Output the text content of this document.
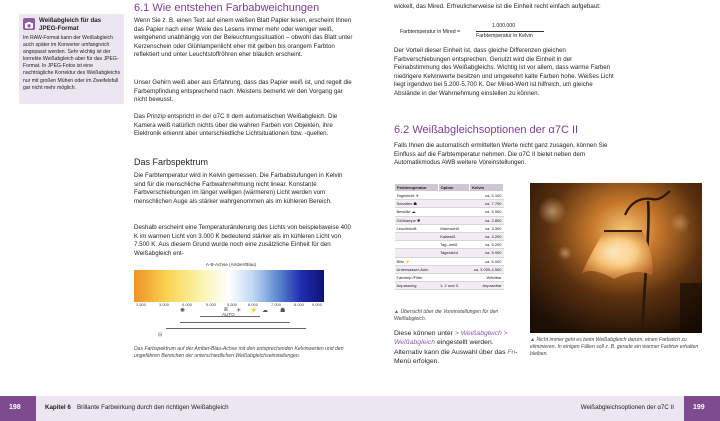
Weißabgleich für das JPEG-Format
Im RAW-Format kann der Weißabgleich auch später im Konverter umfangreich angepasst werden. Sehr wichtig ist der korrekte Weißabgleich aber für das JPEG-Format. In JPEG-Fotos ist eine nachträgliche Korrektur des Weißabgleichs nur mit großen Mühen oder im Zweifelsfall gar nicht mehr möglich.
6.1 Wie entstehen Farbabweichungen

Wenn Sie z. B. einen Text auf einem weißen Blatt Papier lesen, erscheint Ihnen das Papier nach einer Weile des Lesens immer mehr oder weniger weiß, weitgehend unabhängig von der Beleuchtungssituation – obwohl das Blatt unter Kerzenschein oder Glühlampenlicht eher mit gelben bis orangem Farbton reflektiert und unter Leuchtstoffröhren eher bläulich erscheint.

Unser Gehirn weiß aber aus Erfahrung, dass das Papier weiß ist, und regelt die Farbempfindung entsprechend nach. Meistens bemerkt wir den Vorgang gar nicht bewusst.

Das Prinzip entspricht in der α7C II dem automatischen Weißabgleich. Die Kamera weiß natürlich nichts über die wahren Farben von Objekten, ihre Elektronik erkennt aber unterschiedliche Lichtsituationen bzw. -quellen.

Das Farbspektrum

Die Farbtemperatur wird in Kelvin gemessen. Die Farbabstufungen in Kelvin sind für die menschliche Farbwahrnehmung nicht linear. Konstante Farbverschiebungen im länger welligen (wärmeren) Licht werden vom menschlichen Auge als stärker wahrgenommen als im kühleren Bereich.

Deshalb erscheint eine Temperaturänderung des Lichts von beispielsweise 400 K im warmen Licht von 3.000 K bedeutend stärker als im kühleren Licht von 7.500 K. Aus diesem Grund wurde noch eine zusätzliche Einheit für den Weißabgleich ent-

A-B-Achse (Amber/Blau)
2.500	3.000	4.000	5.000	5.500	6.000	7.000	8.000 9.000
✺	⧈ ☀ ⚡ ☁ ☗
AUTO
⊟

Das Farbspektrum auf der Amber-Blau-Achse mit den entsprechenden Kelvinwerten und den ungefähren Bereichen der unterschiedlichen Weißabgleichseinstellungen.

wickelt, das Mired. Erfreulicherweise ist die Einheit recht einfach aufgebaut:

Farbtemperatur in Mired =
1.000.000
Farbtemperatur in Kelvin

Der Vorteil dieser Einheit ist, dass gleiche Differenzen gleichen Farbverschiebungen entsprechen. Genutzt wird die Einheit in der Feinabstimmung des Weißabgleichs. Wichtig ist vor allem, dass warme Farben niedrigere Kelvinwerte besitzen und umgekehrt kalte Farben hohe. Weißes Licht liegt irgendwo bei 5.200-5.700 K. Der Mired-Wert ist hilfreich, um gleiche Abstände in der Wahrnehmung einstellen zu können.

6.2 Weißabgleichsoptionen der α7C II

Falls Ihnen die automatisch ermittelten Werte nicht ganz zusagen, können Sie Einfluss auf die Farbtemperatur nehmen. Die α7C II bietet neben dem Automatikmodus AWB weitere Voreinstellungen.

Farbtemperatur	Option	Kelvin
Tageslicht ☀		ca. 5.100
Schatten ☗		ca. 7.700
Bewölkt ☁		ca. 5.900
Glühlampe ✺		ca. 2.800
Leuchtstoff:	Warmweiß	ca. 3.300
	Kaltweiß	ca. 4.200
	Tag.-weiß	ca. 5.200
	Tageslicht	ca. 5.900
Blitz ⚡		ca. 6.000
Unterwasser-Auto		ca. 3.000-4.500
Farbtmp./Filter		Wählbar
Anpassung	1, 2 und 3.	Anpassbar

▲ Übersicht über die Voreinstellungen für den Weißabgleich.

Diese können unter > Weißabgleich > Weißabgleich eingestellt werden. Alternativ kann die Auswahl über das Fn-Menü erfolgen.

▲ Nicht immer geht es beim Weißabgleich darum, einen Farbstich zu eliminieren. In einigen Fällen soll z. B. gerade ein warmer Farbton erhalten bleiben.

198	Kapitel 6 Brillante Farbwirkung durch den richtigen Weißabgleich	Weißabgleichsoptionen der α7C II	199
